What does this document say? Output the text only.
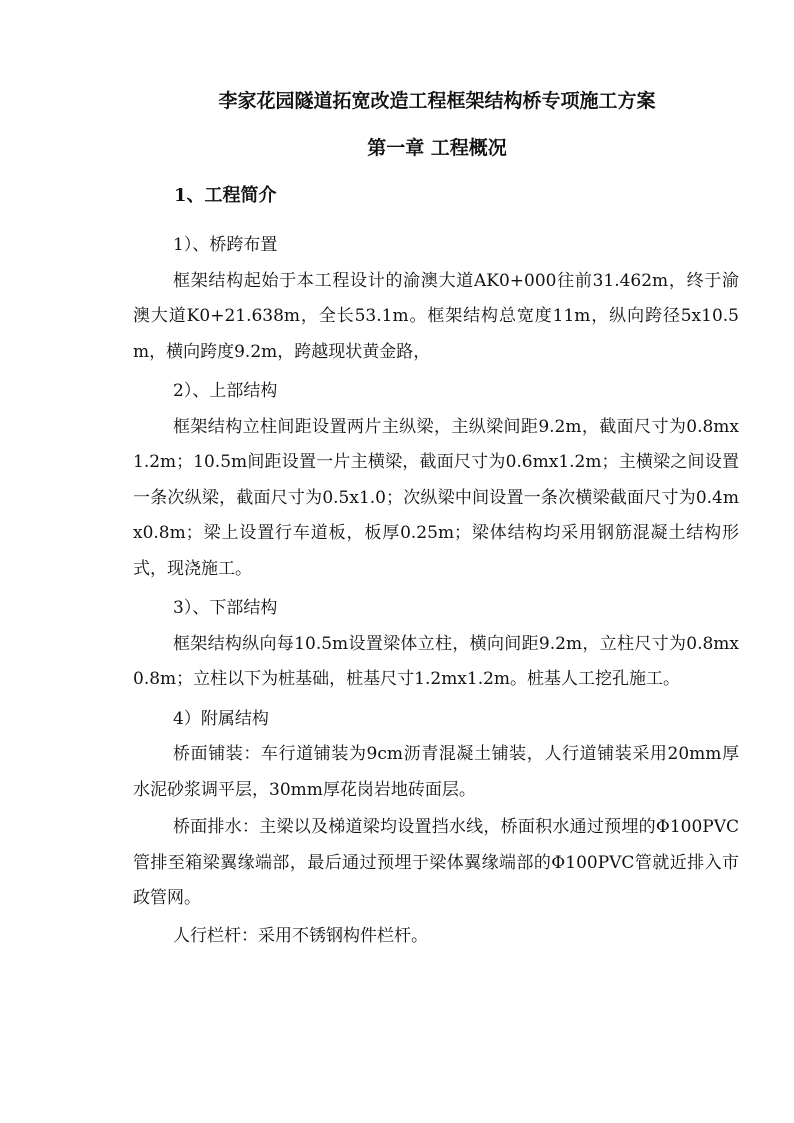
李家花园隧道拓宽改造工程框架结构桥专项施工方案
第一章 工程概况
1、工程简介

1）、桥跨布置

框架结构起始于本工程设计的渝澳大道AK0+000往前31.462m，终于渝澳大道K0+21.638m，全长53.1m。框架结构总宽度11m，纵向跨径5x10.5m，横向跨度9.2m，跨越现状黄金路，

2）、上部结构

框架结构立柱间距设置两片主纵梁，主纵梁间距9.2m，截面尺寸为0.8mx1.2m；10.5m间距设置一片主横梁，截面尺寸为0.6mx1.2m；主横梁之间设置一条次纵梁，截面尺寸为0.5x1.0；次纵梁中间设置一条次横梁截面尺寸为0.4mx0.8m；梁上设置行车道板，板厚0.25m；梁体结构均采用钢筋混凝土结构形式，现浇施工。

3）、下部结构

框架结构纵向每10.5m设置梁体立柱，横向间距9.2m，立柱尺寸为0.8mx0.8m；立柱以下为桩基础，桩基尺寸1.2mx1.2m。桩基人工挖孔施工。

4）附属结构

桥面铺装：车行道铺装为9cm沥青混凝土铺装，人行道铺装采用20mm厚水泥砂浆调平层，30mm厚花岗岩地砖面层。

桥面排水：主梁以及梯道梁均设置挡水线，桥面积水通过预埋的Φ100PVC管排至箱梁翼缘端部，最后通过预埋于梁体翼缘端部的Φ100PVC管就近排入市政管网。

人行栏杆：采用不锈钢构件栏杆。
